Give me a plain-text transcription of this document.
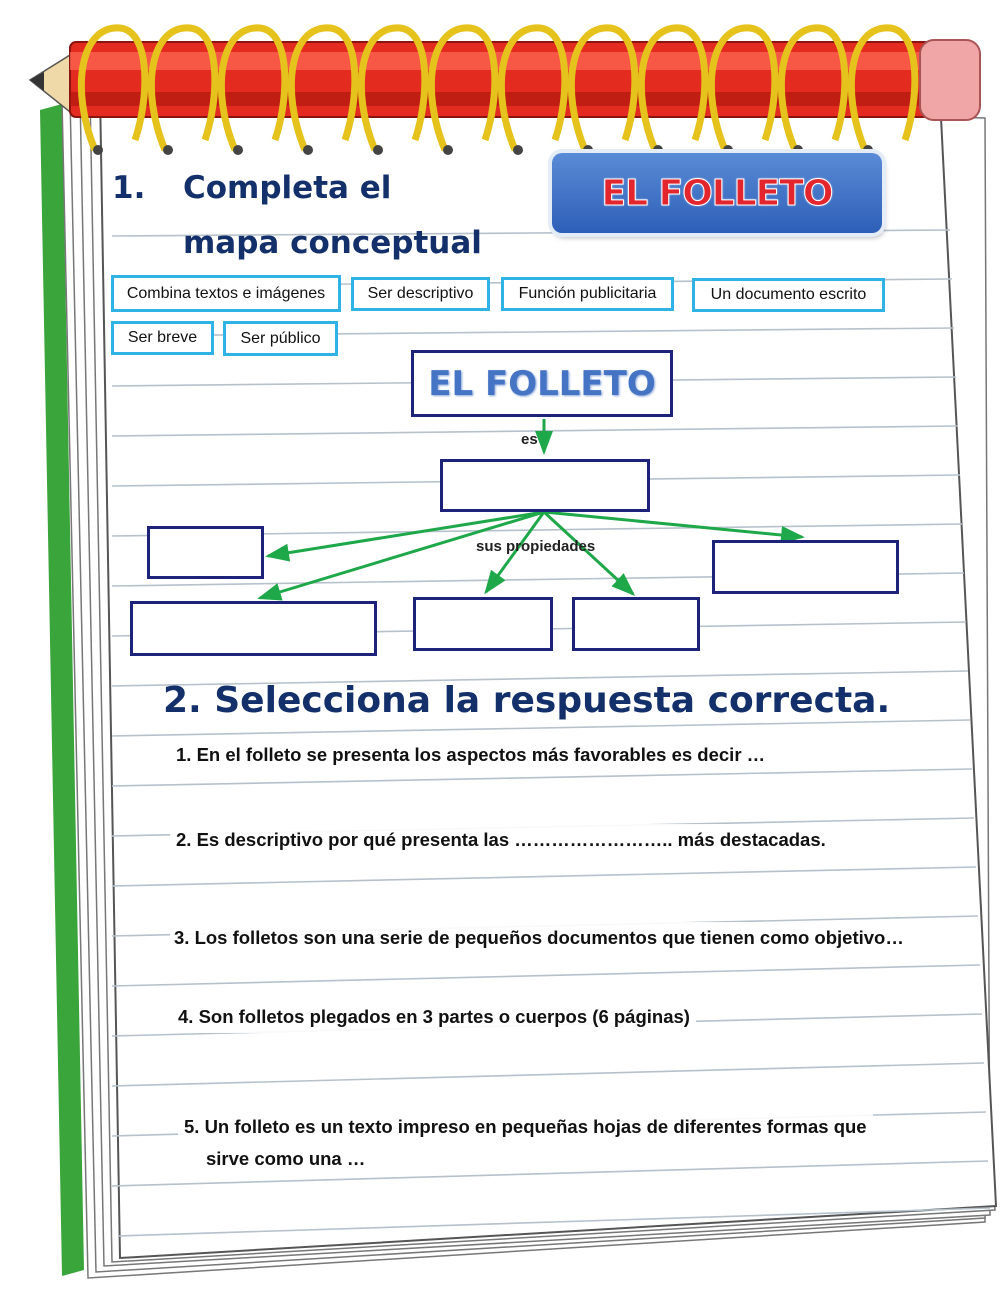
1. Completa el
mapa conceptual
EL FOLLETO
Combina textos e imágenes	Ser descriptivo	Función publicitaria	Un documento escrito
Ser breve	Ser público
EL FOLLETO
es
sus propiedades
2. Selecciona la respuesta correcta.
1. En el folleto se presenta los aspectos más favorables es decir …
2. Es descriptivo por qué presenta las …………………….. más destacadas.
3. Los folletos son una serie de pequeños documentos que tienen como objetivo…
4. Son folletos plegados en 3 partes o cuerpos (6 páginas)
5. Un folleto es un texto impreso en pequeñas hojas de diferentes formas que
sirve como una …
